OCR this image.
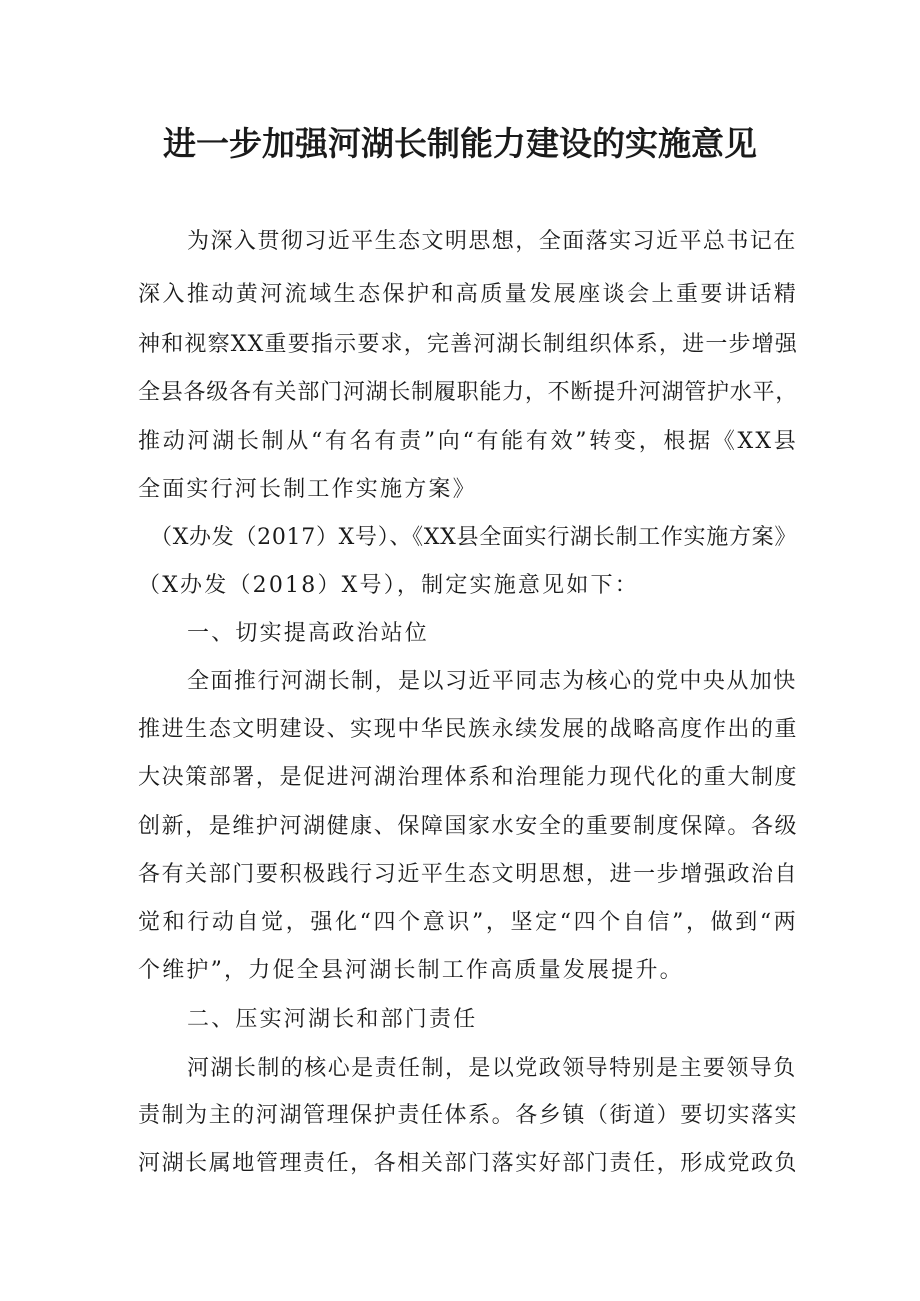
进一步加强河湖长制能力建设的实施意见
为深入贯彻习近平生态文明思想，全面落实习近平总书记在
深入推动黄河流域生态保护和高质量发展座谈会上重要讲话精
神和视察XX重要指示要求，完善河湖长制组织体系，进一步增强
全县各级各有关部门河湖长制履职能力，不断提升河湖管护水平，
推动河湖长制从“有名有责”向“有能有效”转变，根据《XX县
全面实行河长制工作实施方案》
（X办发（2017）X号）、《XX县全面实行湖长制工作实施方案》
（X办发（2018）X号），制定实施意见如下：
一、切实提高政治站位
全面推行河湖长制，是以习近平同志为核心的党中央从加快
推进生态文明建设、实现中华民族永续发展的战略高度作出的重
大决策部署，是促进河湖治理体系和治理能力现代化的重大制度
创新，是维护河湖健康、保障国家水安全的重要制度保障。各级
各有关部门要积极践行习近平生态文明思想，进一步增强政治自
觉和行动自觉，强化“四个意识”，坚定“四个自信”，做到“两
个维护”，力促全县河湖长制工作高质量发展提升。
二、压实河湖长和部门责任
河湖长制的核心是责任制，是以党政领导特别是主要领导负
责制为主的河湖管理保护责任体系。各乡镇（街道）要切实落实
河湖长属地管理责任，各相关部门落实好部门责任，形成党政负
